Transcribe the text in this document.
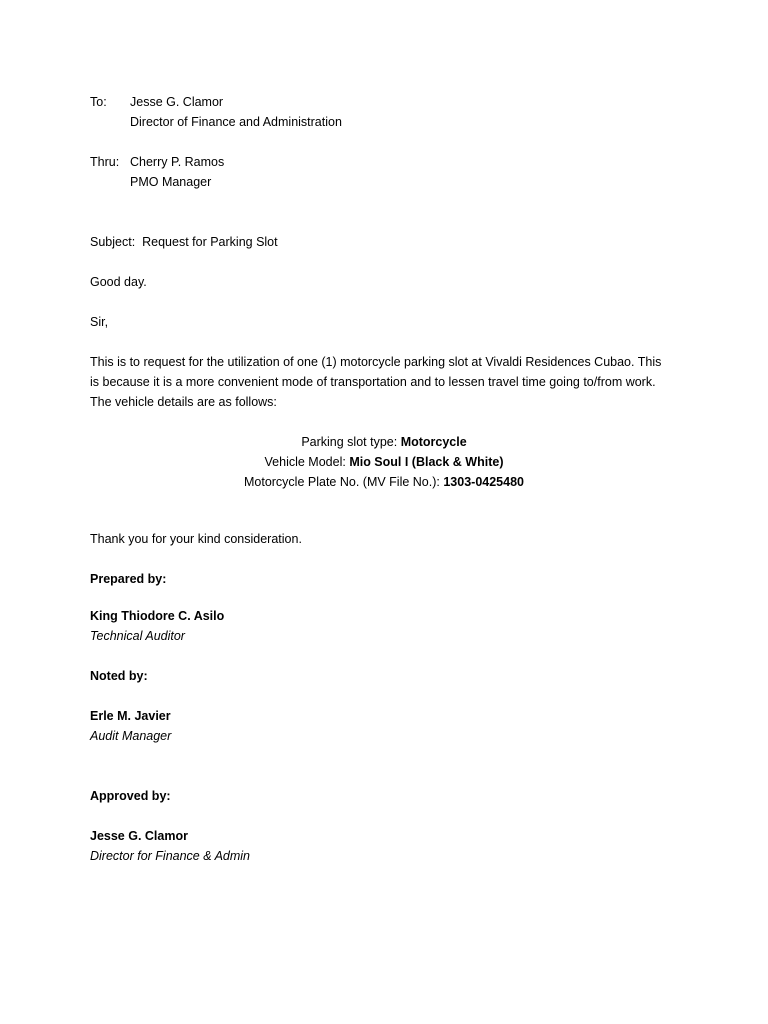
To: Jesse G. Clamor
Director of Finance and Administration
Thru: Cherry P. Ramos
PMO Manager
Subject: Request for Parking Slot
Good day.
Sir,
This is to request for the utilization of one (1) motorcycle parking slot at Vivaldi Residences Cubao. This
is because it is a more convenient mode of transportation and to lessen travel time going to/from work.
The vehicle details are as follows:
Parking slot type: Motorcycle
Vehicle Model: Mio Soul I (Black & White)
Motorcycle Plate No. (MV File No.): 1303-0425480
Thank you for your kind consideration.
Prepared by:
King Thiodore C. Asilo
Technical Auditor
Noted by:
Erle M. Javier
Audit Manager
Approved by:
Jesse G. Clamor
Director for Finance & Admin
